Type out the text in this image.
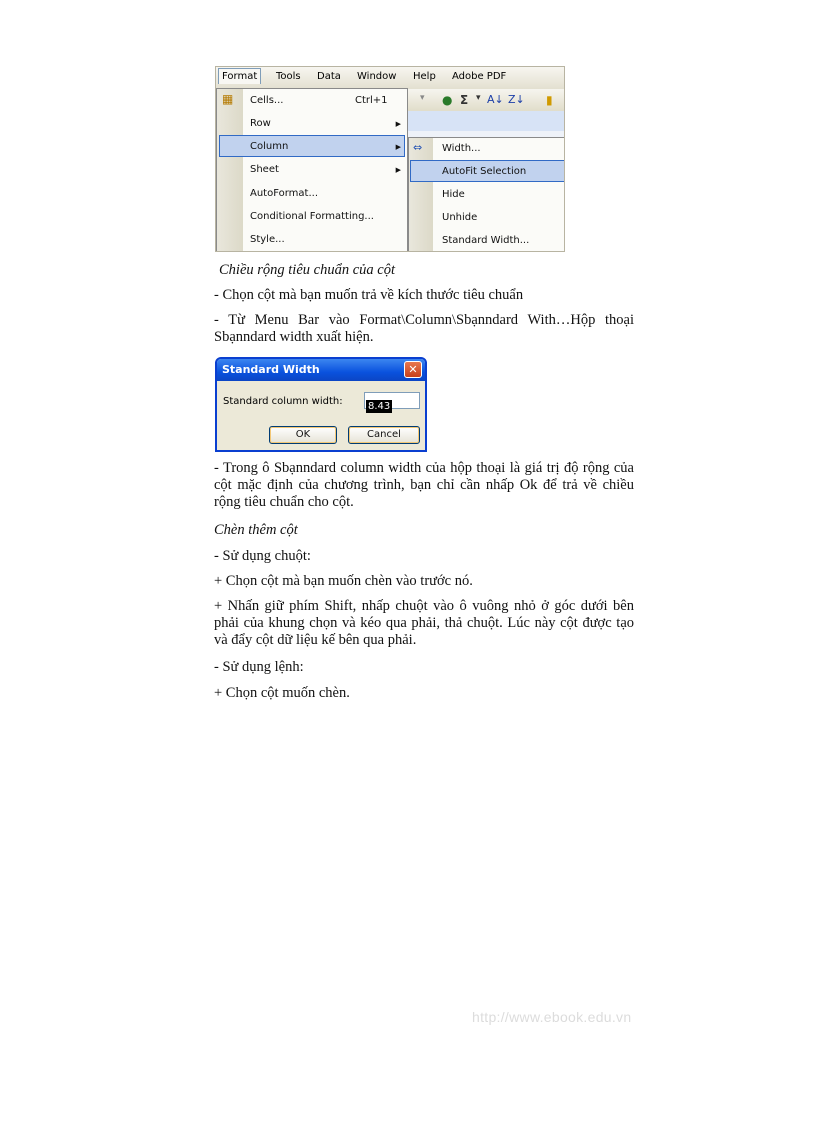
Format	Tools Data Window Help Adobe PDF
▾ ● Σ ▾ A↓ Z↓ ▮
▦ Cells...	Ctrl+1
Row	▶
Column	▶
Sheet	▶
AutoFormat...
Conditional Formatting...
Style...
⇔ Width...
AutoFit Selection
Hide
Unhide
Standard Width...
Chiều rộng tiêu chuẩn của cột
- Chọn cột mà bạn muốn trả về kích thước tiêu chuẩn
- Từ Menu Bar vào Format\Column\Sbạnndard With…Hộp thoại Sbạnndard width xuất hiện.
Standard Width	✕
Standard column width:	8.43
OK	Cancel
- Trong ô Sbạnndard column width của hộp thoại là giá trị độ rộng của cột mặc định của chương trình, bạn chỉ cần nhấp Ok để trả về chiều rộng tiêu chuẩn cho cột.
Chèn thêm cột
- Sử dụng chuột:
+ Chọn cột mà bạn muốn chèn vào trước nó.
+ Nhấn giữ phím Shift, nhấp chuột vào ô vuông nhỏ ở góc dưới bên phải của khung chọn và kéo qua phải, thả chuột. Lúc này cột được tạo và đẩy cột dữ liệu kế bên qua phải.
- Sử dụng lệnh:
+ Chọn cột muốn chèn.
http://www.ebook.edu.vn
